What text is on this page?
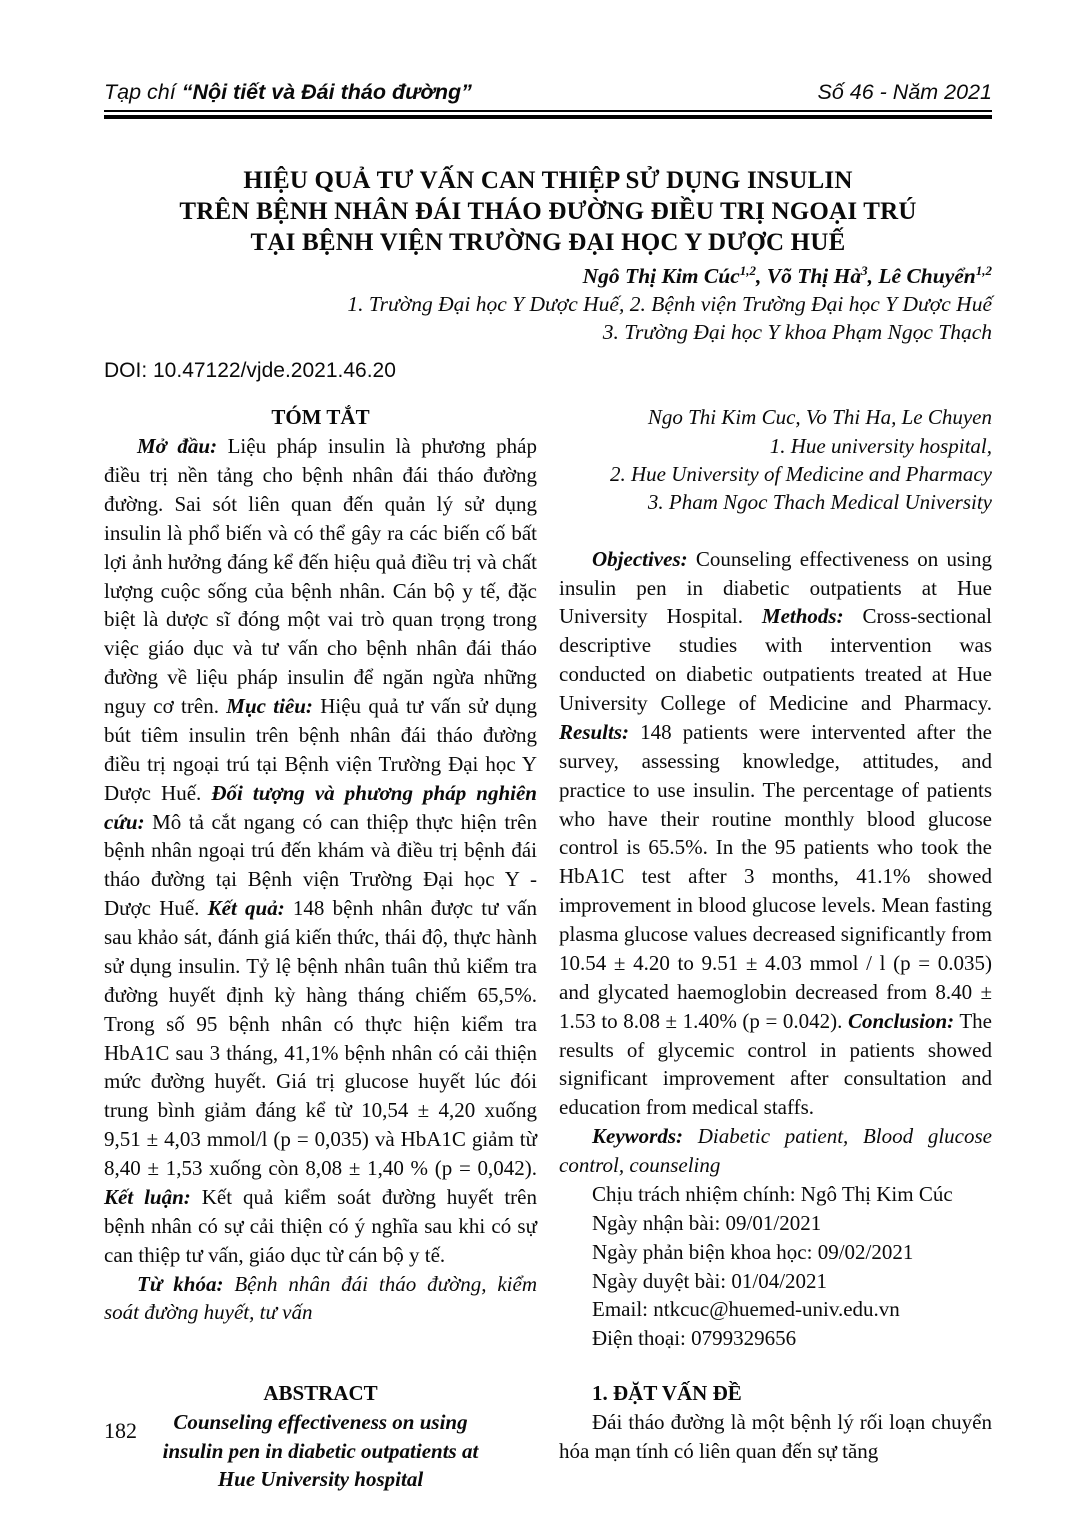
Tạp chí “Nội tiết và Đái tháo đường”	Số 46 - Năm 2021
HIỆU QUẢ TƯ VẤN CAN THIỆP SỬ DỤNG INSULIN
TRÊN BỆNH NHÂN ĐÁI THÁO ĐƯỜNG ĐIỀU TRỊ NGOẠI TRÚ
TẠI BỆNH VIỆN TRƯỜNG ĐẠI HỌC Y DƯỢC HUẾ
Ngô Thị Kim Cúc$^{1,2}$, Võ Thị $Hà^3$, Lê Chuyển$^{1,2}$
1. Trường Đại học Y Dược Huế, 2. Bệnh viện Trường Đại học Y Dược Huế
3. Trường Đại học Y khoa Phạm Ngọc Thạch
DOI: 10.47122/vjde.2021.46.20
TÓM TẮT

Mở đầu: Liệu pháp insulin là phương pháp điều trị nền tảng cho bệnh nhân đái tháo đường đường. Sai sót liên quan đến quản lý sử dụng insulin là phổ biến và có thể gây ra các biến cố bất lợi ảnh hưởng đáng kể đến hiệu quả điều trị và chất lượng cuộc sống của bệnh nhân. Cán bộ y tế, đặc biệt là dược sĩ đóng một vai trò quan trọng trong việc giáo dục và tư vấn cho bệnh nhân đái tháo đường về liệu pháp insulin để ngăn ngừa những nguy cơ trên. Mục tiêu: Hiệu quả tư vấn sử dụng bút tiêm insulin trên bệnh nhân đái tháo đường điều trị ngoại trú tại Bệnh viện Trường Đại học Y Dược Huế. Đối tượng và phương pháp nghiên cứu: Mô tả cắt ngang có can thiệp thực hiện trên bệnh nhân ngoại trú đến khám và điều trị bệnh đái tháo đường tại Bệnh viện Trường Đại học Y - Dược Huế. Kết quả: 148 bệnh nhân được tư vấn sau khảo sát, đánh giá kiến thức, thái độ, thực hành sử dụng insulin. Tỷ lệ bệnh nhân tuân thủ kiểm tra đường huyết định kỳ hàng tháng chiếm 65,5%. Trong số 95 bệnh nhân có thực hiện kiểm tra HbA1C sau 3 tháng, 41,1% bệnh nhân có cải thiện mức đường huyết. Giá trị glucose huyết lúc đói trung bình giảm đáng kể từ 10,54 ± 4,20 xuống 9,51 ± 4,03 mmol/l (p = 0,035) và HbA1C giảm từ 8,40 ± 1,53 xuống còn 8,08 ± 1,40 % (p = 0,042). Kết luận: Kết quả kiểm soát đường huyết trên bệnh nhân có sự cải thiện có ý nghĩa sau khi có sự can thiệp tư vấn, giáo dục từ cán bộ y tế.

Từ khóa: Bệnh nhân đái tháo đường, kiểm soát đường huyết, tư vấn

ABSTRACT
Counseling effectiveness on using
insulin pen in diabetic outpatients at
Hue University hospital
Ngo Thi Kim Cuc, Vo Thi Ha, Le Chuyen
1. Hue university hospital,
2. Hue University of Medicine and Pharmacy
3. Pham Ngoc Thach Medical University

Objectives: Counseling effectiveness on using insulin pen in diabetic outpatients at Hue University Hospital. Methods: Cross-sectional descriptive studies with intervention was conducted on diabetic outpatients treated at Hue University College of Medicine and Pharmacy. Results: 148 patients were intervented after the survey, assessing knowledge, attitudes, and practice to use insulin. The percentage of patients who have their routine monthly blood glucose control is 65.5%. In the 95 patients who took the HbA1C test after 3 months, 41.1% showed improvement in blood glucose levels. Mean fasting plasma glucose values decreased significantly from 10.54 ± 4.20 to 9.51 ± 4.03 mmol / l (p = 0.035) and glycated haemoglobin decreased from 8.40 ± 1.53 to 8.08 ± 1.40% (p = 0.042). Conclusion: The results of glycemic control in patients showed significant improvement after consultation and education from medical staffs.

Keywords: Diabetic patient, Blood glucose control, counseling

Chịu trách nhiệm chính: Ngô Thị Kim Cúc
Ngày nhận bài: 09/01/2021
Ngày phản biện khoa học: 09/02/2021
Ngày duyệt bài: 01/04/2021
Email: ntkcuc@huemed-univ.edu.vn
Điện thoại: 0799329656
1. ĐẶT VẤN ĐỀ

Đái tháo đường là một bệnh lý rối loạn chuyển hóa mạn tính có liên quan đến sự tăng

182
